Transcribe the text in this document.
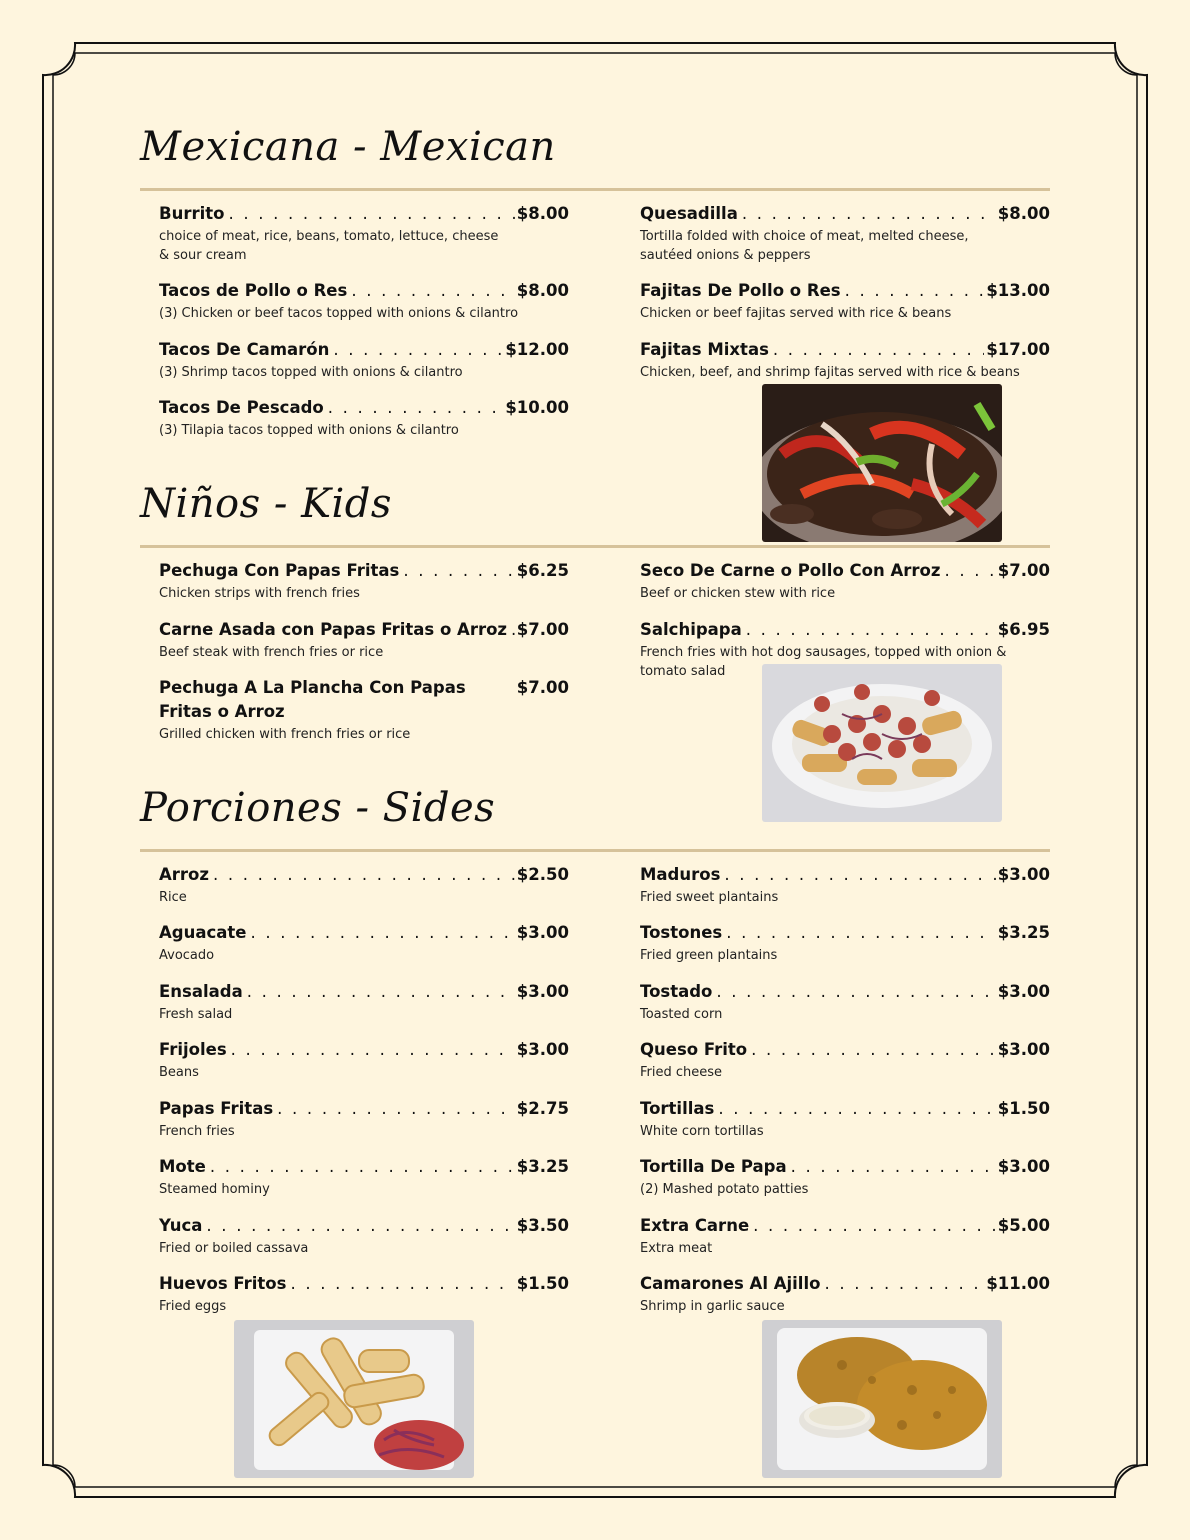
Mexicana - Mexican
Burrito . . .	$8.00
choice of meat, rice, beans, tomato, lettuce, cheese & sour cream
Tacos de Pollo o Res . . .	$8.00
(3) Chicken or beef tacos topped with onions & cilantro
Tacos De Camarón . . .	$12.00
(3) Shrimp tacos topped with onions & cilantro
Tacos De Pescado . . .	$10.00
(3) Tilapia tacos topped with onions & cilantro
Quesadilla . . .	$8.00
Tortilla folded with choice of meat, melted cheese, sautéed onions & peppers
Fajitas De Pollo o Res . . .	$13.00
Chicken or beef fajitas served with rice & beans
Fajitas Mixtas . . .	$17.00
Chicken, beef, and shrimp fajitas served with rice & beans
Niños - Kids
Pechuga Con Papas Fritas . . .	$6.25
Chicken strips with french fries
Carne Asada con Papas Fritas o Arroz . . . $7.00
Beef steak with french fries or rice
Pechuga A La Plancha Con Papas Fritas o Arroz
$7.00
Grilled chicken with french fries or rice
Seco De Carne o Pollo Con Arroz . . .	$7.00
Beef or chicken stew with rice
Salchipapa . . .	$6.95
French fries with hot dog sausages, topped with onion & tomato salad
Porciones - Sides
Arroz . . .	$2.50
Rice
Aguacate . . .	$3.00
Avocado
Ensalada . . .	$3.00
Fresh salad
Frijoles . . .	$3.00
Beans
Papas Fritas . . .	$2.75
French fries
Mote . . .	$3.25
Steamed hominy
Yuca . . .	$3.50
Fried or boiled cassava
Huevos Fritos . . .	$1.50
Fried eggs
Maduros . . .	$3.00
Fried sweet plantains
Tostones . . .	$3.25
Fried green plantains
Tostado . . .	$3.00
Toasted corn
Queso Frito . . .	$3.00
Fried cheese
Tortillas . . .	$1.50
White corn tortillas
Tortilla De Papa . . .	$3.00
(2) Mashed potato patties
Extra Carne . . .	$5.00
Extra meat
Camarones Al Ajillo . . .	$11.00
Shrimp in garlic sauce
